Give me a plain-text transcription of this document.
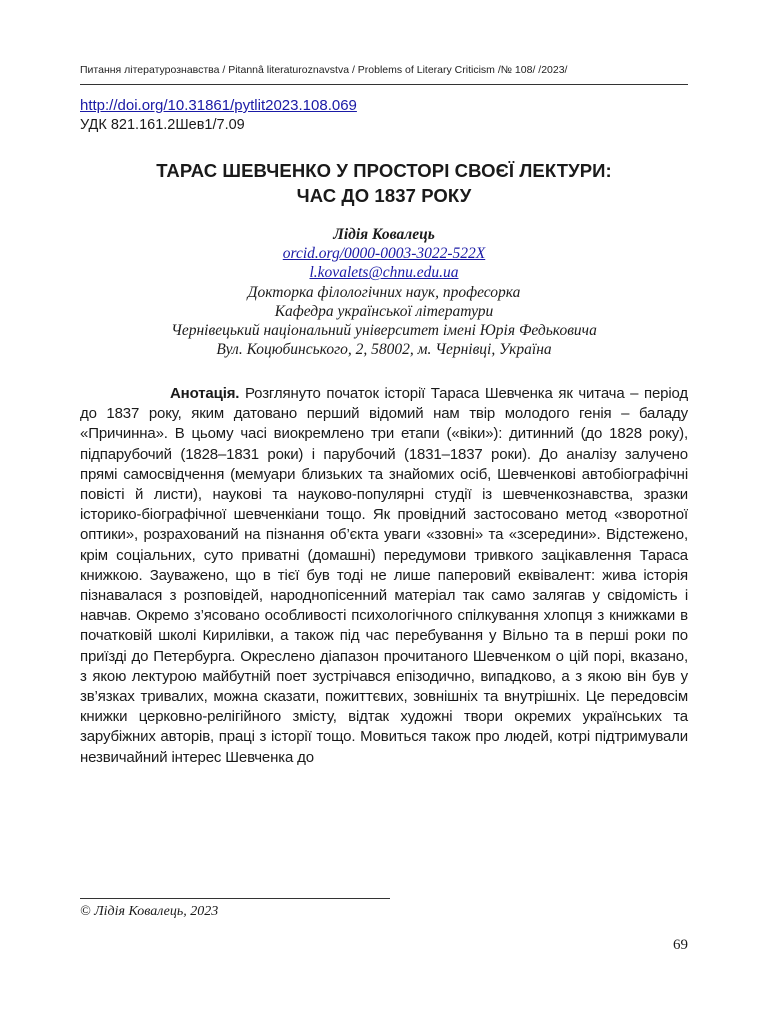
Питання літературознавства / Pitannâ literaturoznavstva / Problems of Literary Criticism /№ 108/ /2023/
http://doi.org/10.31861/pytlit2023.108.069
УДК 821.161.2Шев1/7.09
ТАРАС ШЕВЧЕНКО У ПРОСТОРІ СВОЄЇ ЛЕКТУРИ:
ЧАС ДО 1837 РОКУ
Лідія Ковалець
orcid.org/0000-0003-3022-522X
l.kovalets@chnu.edu.ua
Докторка філологічних наук, професорка
Кафедра української літератури
Чернівецький національний університет імені Юрія Федьковича
Вул. Коцюбинського, 2, 58002, м. Чернівці, Україна
Анотація. Розглянуто початок історії Тараса Шевченка як читача – період до 1837 року, яким датовано перший відомий нам твір молодого генія – баладу «Причинна». В цьому часі виокремлено три етапи («віки»): дитинний (до 1828 року), підпарубочий (1828–1831 роки) і парубочий (1831–1837 роки). До аналізу залучено прямі самосвідчення (мемуари близьких та знайомих осіб, Шевченкові автобіографічні повісті й листи), наукові та науково-популярні студії із шевченкознавства, зразки історико-біографічної шевченкіани тощо. Як провідний застосовано метод «зворотної оптики», розрахований на пізнання об’єкта уваги «ззовні» та «зсередини». Відстежено, крім соціальних, суто приватні (домашні) передумови тривкого зацікавлення Тараса книжкою. Зауважено, що в тієї був тоді не лише паперовий еквівалент: жива історія пізнавалася з розповідей, народнопісенний матеріал так само залягав у свідомість і навчав. Окремо з’ясовано особливості психологічного спілкування хлопця з книжками в початковій школі Кирилівки, а також під час перебування у Вільно та в перші роки по приїзді до Петербурга. Окреслено діапазон прочитаного Шевченком о цій порі, вказано, з якою лектурою майбутній поет зустрічався епізодично, випадково, а з якою він був у зв’язках тривалих, можна сказати, пожиттєвих, зовнішніх та внутрішніх. Це передовсім книжки церковно-релігійного змісту, відтак художні твори окремих українських та зарубіжних авторів, праці з історії тощо. Мовиться також про людей, котрі підтримували незвичайний інтерес Шевченка до
© Лідія Ковалець, 2023
69
